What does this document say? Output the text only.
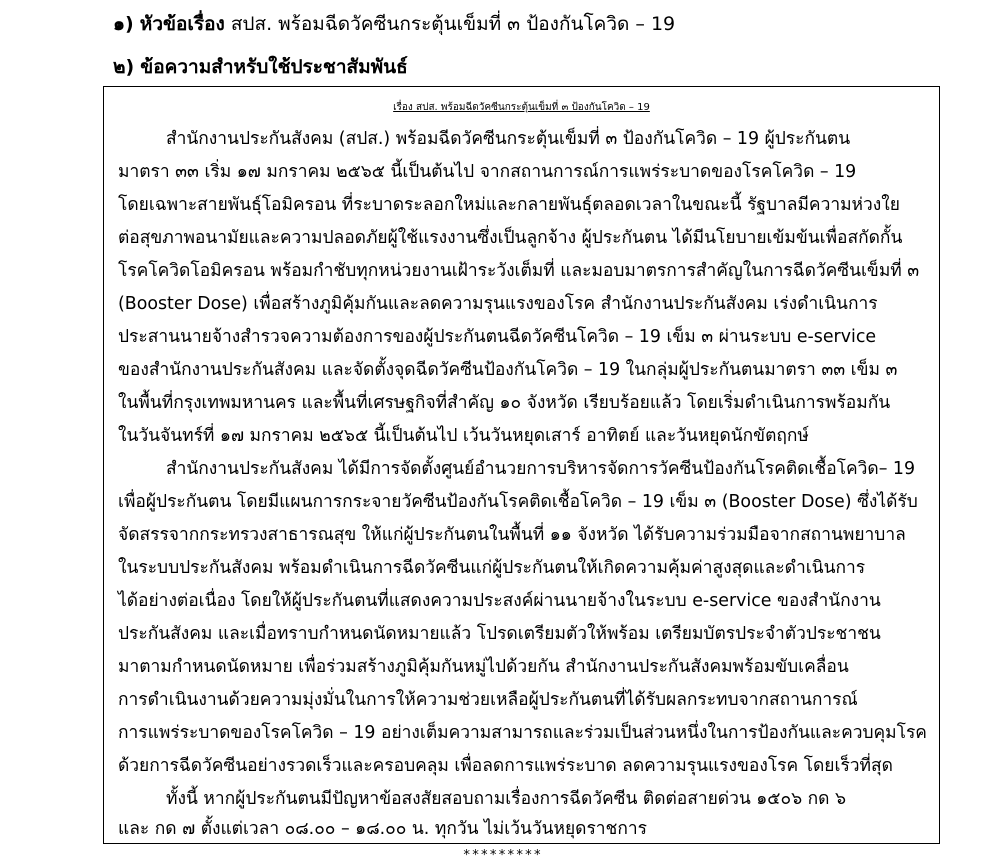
๑) หัวข้อเรื่อง สปส. พร้อมฉีดวัคซีนกระตุ้นเข็มที่ ๓ ป้องกันโควิด – 19
๒) ข้อความสำหรับใช้ประชาสัมพันธ์
เรื่อง สปส. พร้อมฉีดวัคซีนกระตุ้นเข็มที่ ๓ ป้องกันโควิด – 19
สำนักงานประกันสังคม (สปส.) พร้อมฉีดวัคซีนกระตุ้นเข็มที่ ๓ ป้องกันโควิด – 19 ผู้ประกันตน
มาตรา ๓๓ เริ่ม ๑๗ มกราคม ๒๕๖๕ นี้เป็นต้นไป จากสถานการณ์การแพร่ระบาดของโรคโควิด – 19
โดยเฉพาะสายพันธุ์โอมิครอน ที่ระบาดระลอกใหม่และกลายพันธุ์ตลอดเวลาในขณะนี้ รัฐบาลมีความห่วงใย
ต่อสุขภาพอนามัยและความปลอดภัยผู้ใช้แรงงานซึ่งเป็นลูกจ้าง ผู้ประกันตน ได้มีนโยบายเข้มข้นเพื่อสกัดกั้น
โรคโควิดโอมิครอน พร้อมกำชับทุกหน่วยงานเฝ้าระวังเต็มที่ และมอบมาตรการสำคัญในการฉีดวัคซีนเข็มที่ ๓
(Booster Dose) เพื่อสร้างภูมิคุ้มกันและลดความรุนแรงของโรค สำนักงานประกันสังคม เร่งดำเนินการ
ประสานนายจ้างสำรวจความต้องการของผู้ประกันตนฉีดวัคซีนโควิด – 19 เข็ม ๓ ผ่านระบบ e-service
ของสำนักงานประกันสังคม และจัดตั้งจุดฉีดวัคซีนป้องกันโควิด – 19 ในกลุ่มผู้ประกันตนมาตรา ๓๓ เข็ม ๓
ในพื้นที่กรุงเทพมหานคร และพื้นที่เศรษฐกิจที่สำคัญ ๑๐ จังหวัด เรียบร้อยแล้ว โดยเริ่มดำเนินการพร้อมกัน
ในวันจันทร์ที่ ๑๗ มกราคม ๒๕๖๕ นี้เป็นต้นไป เว้นวันหยุดเสาร์ อาทิตย์ และวันหยุดนักขัตฤกษ์
สำนักงานประกันสังคม ได้มีการจัดตั้งศูนย์อำนวยการบริหารจัดการวัคซีนป้องกันโรคติดเชื้อโควิด– 19
เพื่อผู้ประกันตน โดยมีแผนการกระจายวัคซีนป้องกันโรคติดเชื้อโควิด – 19 เข็ม ๓ (Booster Dose) ซึ่งได้รับ
จัดสรรจากกระทรวงสาธารณสุข ให้แก่ผู้ประกันตนในพื้นที่ ๑๑ จังหวัด ได้รับความร่วมมือจากสถานพยาบาล
ในระบบประกันสังคม พร้อมดำเนินการฉีดวัคซีนแก่ผู้ประกันตนให้เกิดความคุ้มค่าสูงสุดและดำเนินการ
ได้อย่างต่อเนื่อง โดยให้ผู้ประกันตนที่แสดงความประสงค์ผ่านนายจ้างในระบบ e-service ของสำนักงาน
ประกันสังคม และเมื่อทราบกำหนดนัดหมายแล้ว โปรดเตรียมตัวให้พร้อม เตรียมบัตรประจำตัวประชาชน
มาตามกำหนดนัดหมาย เพื่อร่วมสร้างภูมิคุ้มกันหมู่ไปด้วยกัน สำนักงานประกันสังคมพร้อมขับเคลื่อน
การดำเนินงานด้วยความมุ่งมั่นในการให้ความช่วยเหลือผู้ประกันตนที่ได้รับผลกระทบจากสถานการณ์
การแพร่ระบาดของโรคโควิด – 19 อย่างเต็มความสามารถและร่วมเป็นส่วนหนึ่งในการป้องกันและควบคุมโรค
ด้วยการฉีดวัคซีนอย่างรวดเร็วและครอบคลุม เพื่อลดการแพร่ระบาด ลดความรุนแรงของโรค โดยเร็วที่สุด
ทั้งนี้ หากผู้ประกันตนมีปัญหาข้อสงสัยสอบถามเรื่องการฉีดวัคซีน ติดต่อสายด่วน ๑๕๐๖ กด ๖
และ กด ๗ ตั้งแต่เวลา ๐๘.๐๐ – ๑๘.๐๐ น. ทุกวัน ไม่เว้นวันหยุดราชการ
*********
